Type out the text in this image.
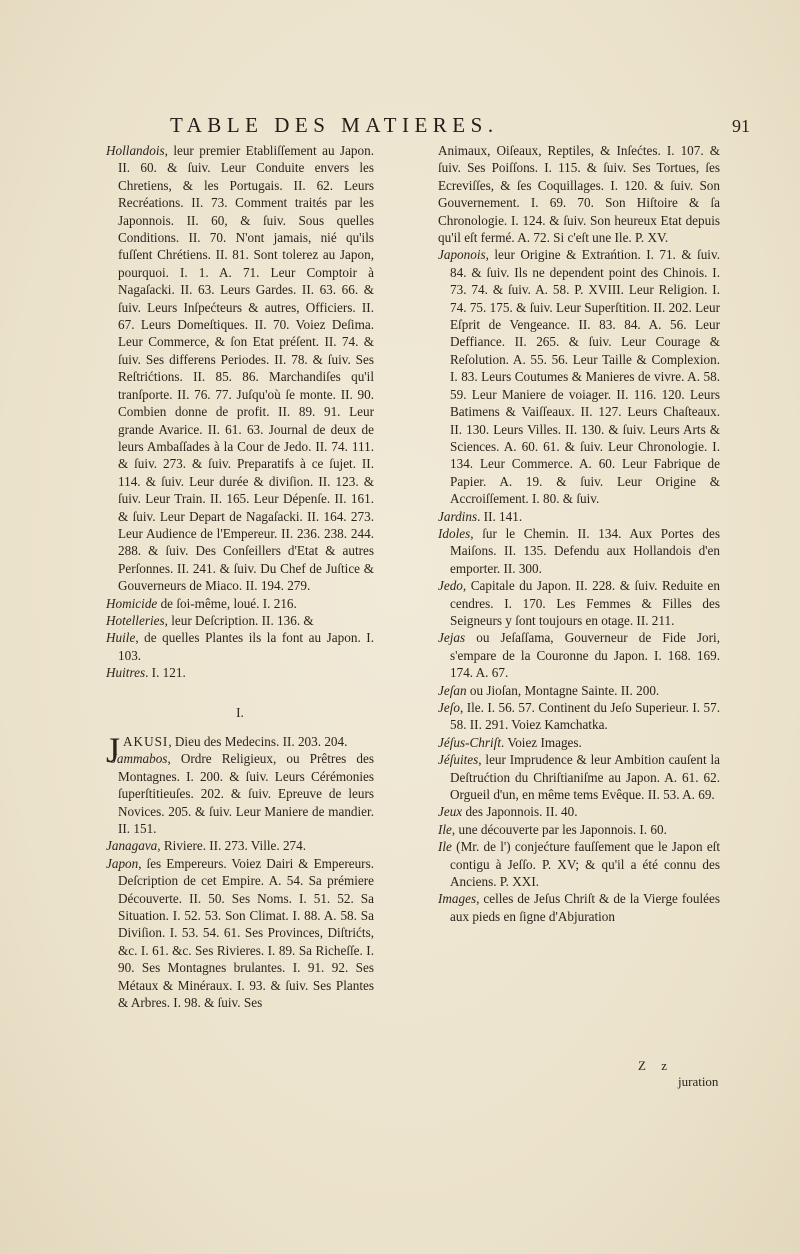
TABLE DES MATIERES.	91

Hollandois, leur premier Etabliſſement au Japon. II. 60. & ſuiv. Leur Conduite envers les Chretiens, & les Portugais. II. 62. Leurs Recréations. II. 73. Comment traités par les Japonnois. II. 60, & ſuiv. Sous quelles Conditions. II. 70. N'ont jamais, nié qu'ils fuſſent Chrétiens. II. 81. Sont tolerez au Japon, pourquoi. I. 1. A. 71. Leur Comptoir à Nagaſacki. II. 63. Leurs Gardes. II. 63. 66. & ſuiv. Leurs Inſpećteurs & autres, Officiers. II. 67. Leurs Domeſtiques. II. 70. Voiez Deſima. Leur Commerce, & ſon Etat préſent. II. 74. & ſuiv. Ses differens Periodes. II. 78. & ſuiv. Ses Reſtrićtions. II. 85. 86. Marchandiſes qu'il tranſporte. II. 76. 77. Juſqu'où ſe monte. II. 90. Combien donne de profit. II. 89. 91. Leur grande Avarice. II. 61. 63. Journal de deux de leurs Ambaſſades à la Cour de Jedo. II. 74. 111. & ſuiv. 273. & ſuiv. Preparatifs à ce ſujet. II. 114. & ſuiv. Leur durée & diviſion. II. 123. & ſuiv. Leur Train. II. 165. Leur Dépenſe. II. 161. & ſuiv. Leur Depart de Nagaſacki. II. 164. 273. Leur Audience de l'Empereur. II. 236. 238. 244. 288. & ſuiv. Des Conſeillers d'Etat & autres Perſonnes. II. 241. & ſuiv. Du Chef de Juſtice & Gouverneurs de Miaco. II. 194. 279.

Homicide de ſoi-même, loué. I. 216.

Hotelleries, leur Deſcription. II. 136. &

Huile, de quelles Plantes ils la font au Japon. I. 103.

Huitres. I. 121.

I.

JAKUSI, Dieu des Medecins. II. 203. 204.

Jammabos, Ordre Religieux, ou Prêtres des Montagnes. I. 200. & ſuiv. Leurs Cérémonies ſuperſtitieuſes. 202. & ſuiv. Epreuve de leurs Novices. 205. & ſuiv. Leur Maniere de mandier. II. 151.

Janagava, Riviere. II. 273. Ville. 274.

Japon, ſes Empereurs. Voiez Dairi & Empereurs. Deſcription de cet Empire. A. 54. Sa prémiere Découverte. II. 50. Ses Noms. I. 51. 52. Sa Situation. I. 52. 53. Son Climat. I. 88. A. 58. Sa Diviſion. I. 53. 54. 61. Ses Provinces, Diſtrićts, &c. I. 61. &c. Ses Rivieres. I. 89. Sa Richeſſe. I. 90. Ses Montagnes brulantes. I. 91. 92. Ses Métaux & Minéraux. I. 93. & ſuiv. Ses Plantes & Arbres. I. 98. & ſuiv. Ses

Animaux, Oiſeaux, Reptiles, & Inſećtes. I. 107. & ſuiv. Ses Poiſſons. I. 115. & ſuiv. Ses Tortues, ſes Ecreviſſes, & ſes Coquillages. I. 120. & ſuiv. Son Gouvernement. I. 69. 70. Son Hiſtoire & ſa Chronologie. I. 124. & ſuiv. Son heureux Etat depuis qu'il eſt fermé. A. 72. Si c'eſt une Ile. P. XV.

Japonois, leur Origine & Extrańtion. I. 71. & ſuiv. 84. & ſuiv. Ils ne dependent point des Chinois. I. 73. 74. & ſuiv. A. 58. P. XVIII. Leur Religion. I. 74. 75. 175. & ſuiv. Leur Superſtition. II. 202. Leur Eſprit de Vengeance. II. 83. 84. A. 56. Leur Deffiance. II. 265. & ſuiv. Leur Courage & Reſolution. A. 55. 56. Leur Taille & Complexion. I. 83. Leurs Coutumes & Manieres de vivre. A. 58. 59. Leur Maniere de voiager. II. 116. 120. Leurs Batimens & Vaiſſeaux. II. 127. Leurs Chaſteaux. II. 130. Leurs Villes. II. 130. & ſuiv. Leurs Arts & Sciences. A. 60. 61. & ſuiv. Leur Chronologie. I. 134. Leur Commerce. A. 60. Leur Fabrique de Papier. A. 19. & ſuiv. Leur Origine & Accroiſſement. I. 80. & ſuiv.

Jardins. II. 141.

Idoles, ſur le Chemin. II. 134. Aux Portes des Maiſons. II. 135. Defendu aux Hollandois d'en emporter. II. 300.

Jedo, Capitale du Japon. II. 228. & ſuiv. Reduite en cendres. I. 170. Les Femmes & Filles des Seigneurs y ſont toujours en otage. II. 211.

Jejas ou Jeſaſſama, Gouverneur de Fide Jori, s'empare de la Couronne du Japon. I. 168. 169. 174. A. 67.

Jeſan ou Jioſan, Montagne Sainte. II. 200.

Jeſo, Ile. I. 56. 57. Continent du Jeſo Superieur. I. 57. 58. II. 291. Voiez Kamchatka.

Jéſus-Chriſt. Voiez Images.

Jéſuites, leur Imprudence & leur Ambition cauſent la Deſtrućtion du Chriſtianiſme au Japon. A. 61. 62. Orgueil d'un, en même tems Evêque. II. 53. A. 69.

Jeux des Japonnois. II. 40.

Ile, une découverte par les Japonnois. I. 60.

Ile (Mr. de l') conjećture fauſſement que le Japon eſt contigu à Jeſſo. P. XV; & qu'il a été connu des Anciens. P. XXI.

Images, celles de Jeſus Chriſt & de la Vierge foulées aux pieds en ſigne d'Abjuration

Z z
juration
